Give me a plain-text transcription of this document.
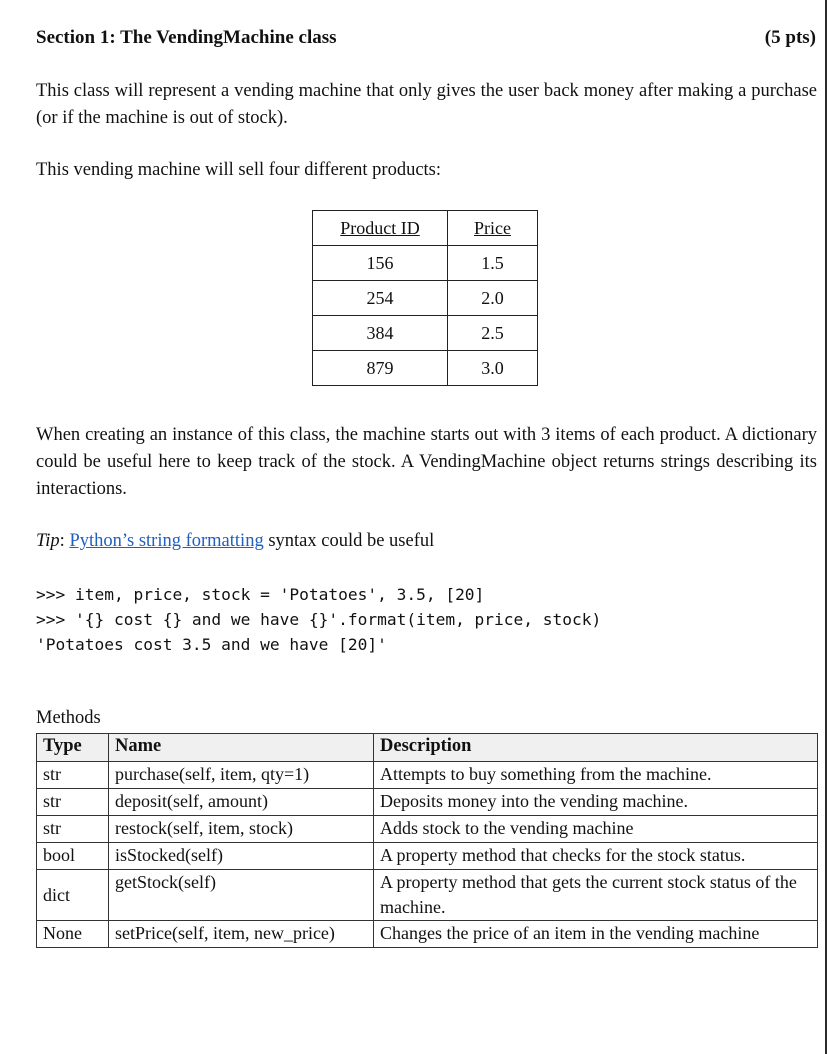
Section 1: The VendingMachine class	(5 pts)
This class will represent a vending machine that only gives the user back money after making a purchase (or if the machine is out of stock).
This vending machine will sell four different products:
Product ID	Price
156	1.5
254	2.0
384	2.5
879	3.0
When creating an instance of this class, the machine starts out with 3 items of each product. A dictionary could be useful here to keep track of the stock. A VendingMachine object returns strings describing its interactions.
Tip: Python’s string formatting syntax could be useful
>>> item, price, stock = 'Potatoes', 3.5, [20]
>>> '{} cost {} and we have {}'.format(item, price, stock)
'Potatoes cost 3.5 and we have [20]'
Methods
Type	Name	Description
str	purchase(self, item, qty=1)	Attempts to buy something from the machine.
str	deposit(self, amount)	Deposits money into the vending machine.
str	restock(self, item, stock)	Adds stock to the vending machine
bool	isStocked(self)	A property method that checks for the stock status.
dict	getStock(self)	A property method that gets the current stock status of the machine.
None	setPrice(self, item, new_price)	Changes the price of an item in the vending machine
